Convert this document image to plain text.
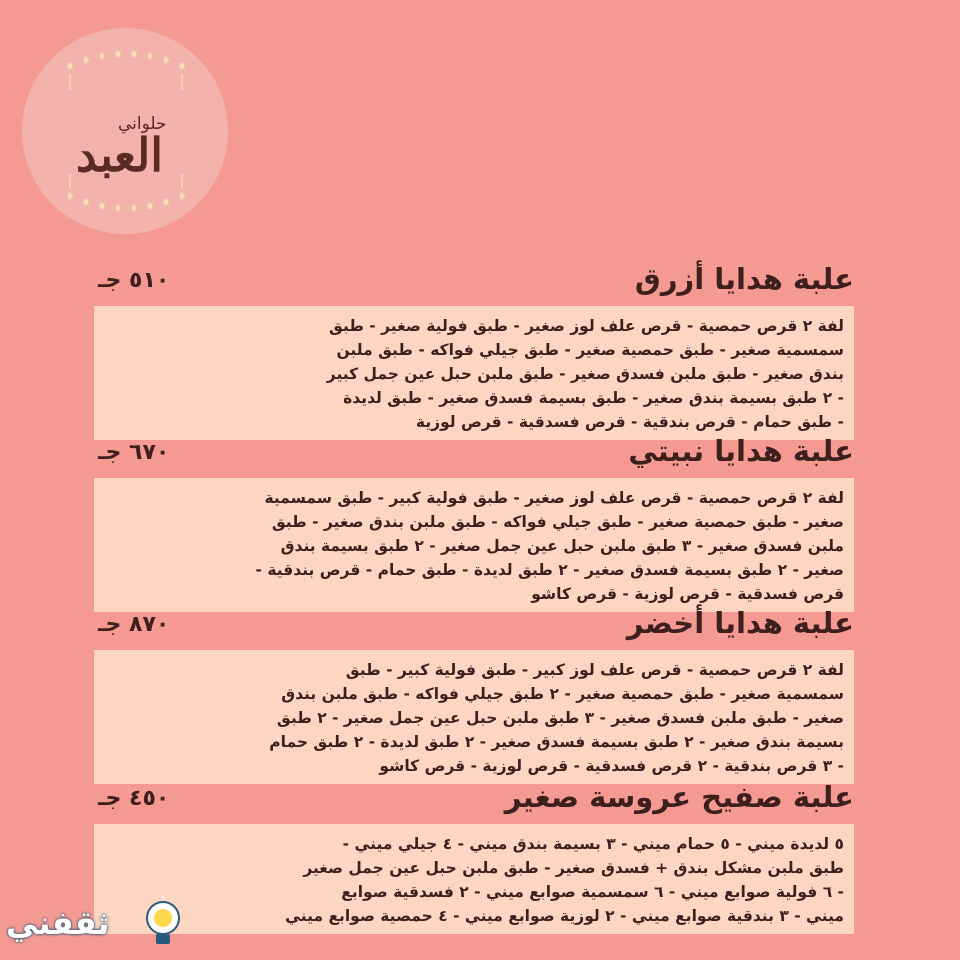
حلواني
العبد
علبة هدايا أزرق
٥١٠ جـ
لفة ٢ قرص حمصية - قرص علف لوز صغير - طبق فولية صغير - طبق
سمسمية صغير - طبق حمصية صغير - طبق جيلي فواكه - طبق ملبن
بندق صغير - طبق ملبن فسدق صغير - طبق ملبن حبل عين جمل كبير
- ٢ طبق بسيمة بندق صغير - طبق بسيمة فسدق صغير - طبق لديدة
- طبق حمام - قرص بندقية - قرص فسدقية - قرص لوزية
علبة هدايا نبيتي
٦٧٠ جـ
لفة ٢ قرص حمصية - قرص علف لوز صغير - طبق فولية كبير - طبق سمسمية
صغير - طبق حمصية صغير - طبق جيلي فواكه - طبق ملبن بندق صغير - طبق
ملبن فسدق صغير - ٣ طبق ملبن حبل عين جمل صغير - ٢ طبق بسيمة بندق
صغير - ٢ طبق بسيمة فسدق صغير - ٢ طبق لديدة - طبق حمام - قرص بندقية -
قرص فسدقية - قرص لوزية - قرص كاشو
علبة هدايا أخضر
٨٧٠ جـ
لفة ٢ قرص حمصية - قرص علف لوز كبير - طبق فولية كبير - طبق
سمسمية صغير - طبق حمصية صغير - ٢ طبق جيلي فواكه - طبق ملبن بندق
صغير - طبق ملبن فسدق صغير - ٣ طبق ملبن حبل عين جمل صغير - ٢ طبق
بسيمة بندق صغير - ٢ طبق بسيمة فسدق صغير - ٢ طبق لديدة - ٢ طبق حمام
- ٣ قرص بندقية - ٢ قرص فسدقية - قرص لوزية - قرص كاشو
علبة صفيح عروسة صغير
٤٥٠ جـ
٥ لديدة ميني - ٥ حمام ميني - ٣ بسيمة بندق ميني - ٤ جيلي ميني -
طبق ملبن مشكل بندق + فسدق صغير - طبق ملبن حبل عين جمل صغير
- ٦ فولية صوابع ميني - ٦ سمسمية صوابع ميني - ٢ فسدقية صوابع
ميني - ٣ بندقية صوابع ميني - ٢ لوزية صوابع ميني - ٤ حمصية صوابع ميني
ثقفني
